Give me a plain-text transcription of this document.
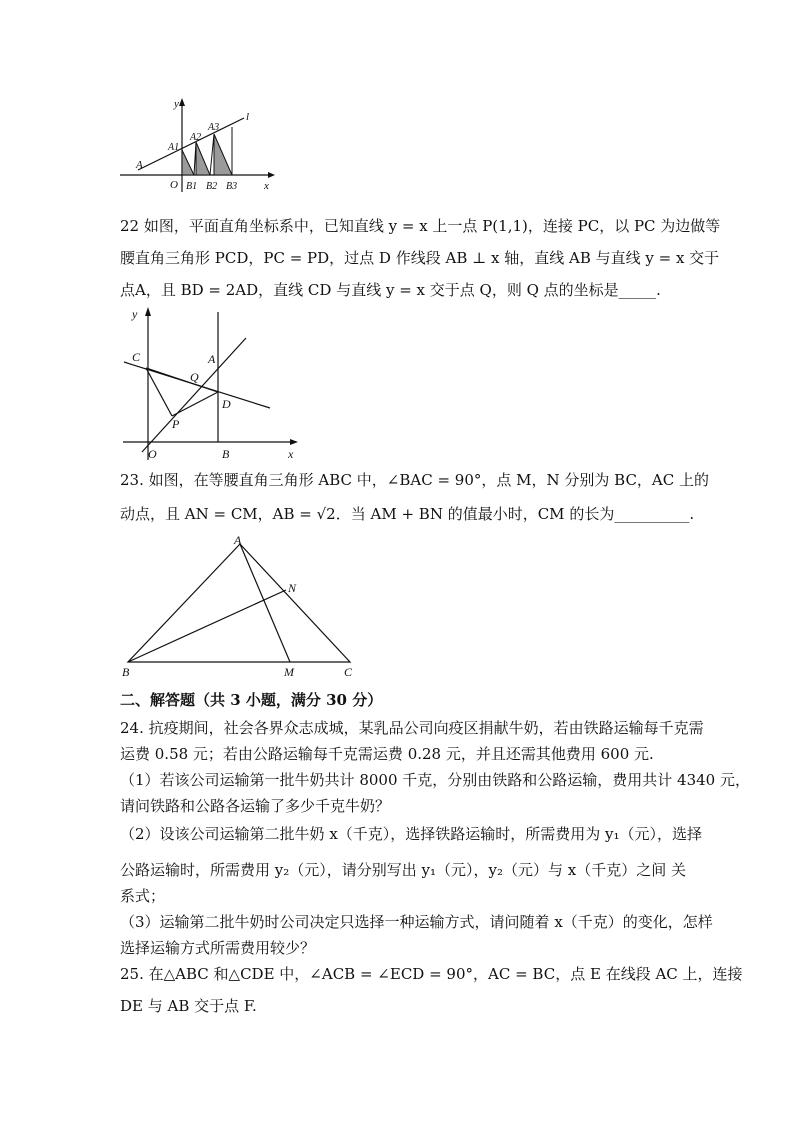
y
x
l
A
A1
A2
A3
O B1 B2 B3
22 如图，平面直角坐标系中，已知直线 y = x 上一点 P(1,1)，连接 PC，以 PC 为边做等
腰直角三角形 PCD，PC = PD，过点 D 作线段 AB ⊥ x 轴，直线 AB 与直线 y = x 交于
点A，且 BD = 2AD，直线 CD 与直线 y = x 交于点 Q，则 Q 点的坐标是_____.
y
x
C	A
Q
D
P
O	B
23. 如图，在等腰直角三角形 ABC 中，∠BAC = 90°，点 M，N 分别为 BC，AC 上的
动点，且 AN = CM，AB = √2．当 AM + BN 的值最小时，CM 的长为__________.
A
N
B	M	C
二、解答题（共 3 小题，满分 30 分）
24. 抗疫期间，社会各界众志成城，某乳品公司向疫区捐献牛奶，若由铁路运输每千克需
运费 0.58 元；若由公路运输每千克需运费 0.28 元，并且还需其他费用 600 元.
（1）若该公司运输第一批牛奶共计 8000 千克，分别由铁路和公路运输，费用共计 4340 元，
请问铁路和公路各运输了多少千克牛奶？
（2）设该公司运输第二批牛奶 x（千克），选择铁路运输时，所需费用为 y₁（元），选择
公路运输时，所需费用 y₂（元），请分别写出 y₁（元），y₂（元）与 x（千克）之间 关
系式；
（3）运输第二批牛奶时公司决定只选择一种运输方式，请问随着 x（千克）的变化，怎样
选择运输方式所需费用较少？
25. 在△ABC 和△CDE 中，∠ACB = ∠ECD = 90°，AC = BC，点 E 在线段 AC 上，连接
DE 与 AB 交于点 F.
